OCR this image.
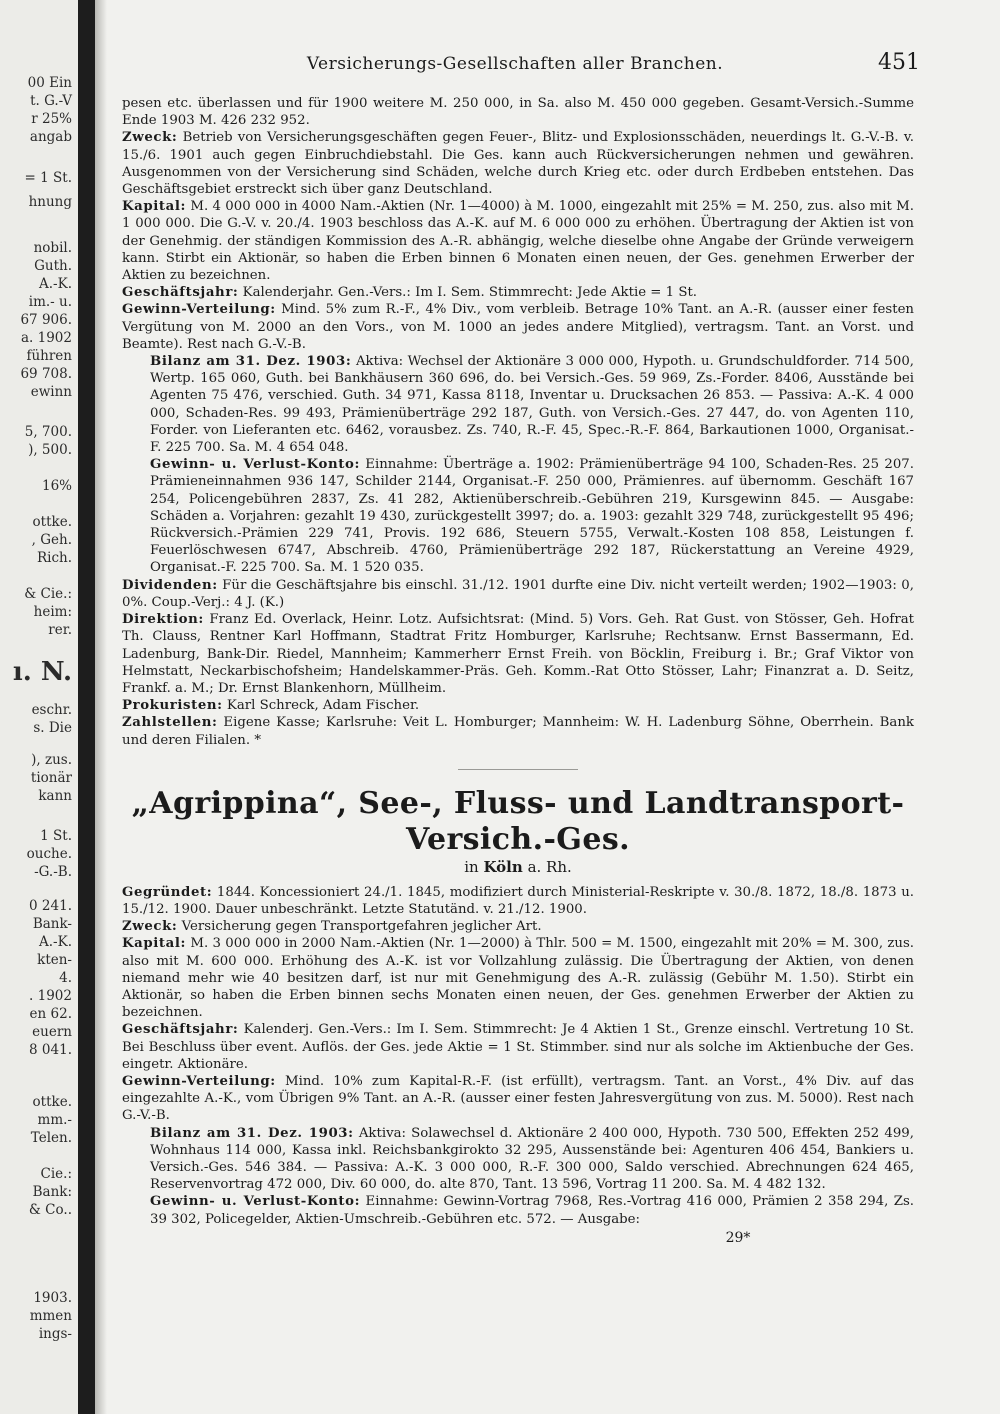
00 Ein
t. G.-V
r 25%
angab
= 1 St.
hnung
nobil.
Guth.
A.-K.
im.- u.
67 906.
a. 1902
führen
69 708.
ewinn
5, 700.
), 500.
16%
ottke.
, Geh.
Rich.
& Cie.:
heim:
rer.
ı. N.
eschr.
s. Die
), zus.
tionär
kann
1 St.
ouche.
-G.-B.
0 241.
Bank-
A.-K.
kten-
4.
. 1902
en 62.
euern
8 041.
ottke.
mm.-
Telen.
Cie.:
Bank:
& Co..
1903.
mmen
ings-
Versicherungs-Gesellschaften aller Branchen.	451

pesen etc. überlassen und für 1900 weitere M. 250 000, in Sa. also M. 450 000 gegeben. Gesamt-Versich.-Summe Ende 1903 M. 426 232 952.

Zweck: Betrieb von Versicherungsgeschäften gegen Feuer-, Blitz- und Explosionsschäden, neuerdings lt. G.-V.-B. v. 15./6. 1901 auch gegen Einbruchdiebstahl. Die Ges. kann auch Rückversicherungen nehmen und gewähren. Ausgenommen von der Versicherung sind Schäden, welche durch Krieg etc. oder durch Erdbeben entstehen. Das Geschäftsgebiet erstreckt sich über ganz Deutschland.

Kapital: M. 4 000 000 in 4000 Nam.-Aktien (Nr. 1—4000) à M. 1000, eingezahlt mit 25% = M. 250, zus. also mit M. 1 000 000. Die G.-V. v. 20./4. 1903 beschloss das A.-K. auf M. 6 000 000 zu erhöhen. Übertragung der Aktien ist von der Genehmig. der ständigen Kommission des A.-R. abhängig, welche dieselbe ohne Angabe der Gründe verweigern kann. Stirbt ein Aktionär, so haben die Erben binnen 6 Monaten einen neuen, der Ges. genehmen Erwerber der Aktien zu bezeichnen.

Geschäftsjahr: Kalenderjahr. Gen.-Vers.: Im I. Sem. Stimmrecht: Jede Aktie = 1 St.

Gewinn-Verteilung: Mind. 5% zum R.-F., 4% Div., vom verbleib. Betrage 10% Tant. an A.-R. (ausser einer festen Vergütung von M. 2000 an den Vors., von M. 1000 an jedes andere Mitglied), vertragsm. Tant. an Vorst. und Beamte). Rest nach G.-V.-B.

Bilanz am 31. Dez. 1903: Aktiva: Wechsel der Aktionäre 3 000 000, Hypoth. u. Grundschuldforder. 714 500, Wertp. 165 060, Guth. bei Bankhäusern 360 696, do. bei Versich.-Ges. 59 969, Zs.-Forder. 8406, Ausstände bei Agenten 75 476, verschied. Guth. 34 971, Kassa 8118, Inventar u. Drucksachen 26 853. — Passiva: A.-K. 4 000 000, Schaden-Res. 99 493, Prämienüberträge 292 187, Guth. von Versich.-Ges. 27 447, do. von Agenten 110, Forder. von Lieferanten etc. 6462, vorausbez. Zs. 740, R.-F. 45, Spec.-R.-F. 864, Barkautionen 1000, Organisat.-F. 225 700. Sa. M. 4 654 048.

Gewinn- u. Verlust-Konto: Einnahme: Überträge a. 1902: Prämienüberträge 94 100, Schaden-Res. 25 207. Prämieneinnahmen 936 147, Schilder 2144, Organisat.-F. 250 000, Prämienres. auf übernomm. Geschäft 167 254, Policengebühren 2837, Zs. 41 282, Aktienüberschreib.-Gebühren 219, Kursgewinn 845. — Ausgabe: Schäden a. Vorjahren: gezahlt 19 430, zurückgestellt 3997; do. a. 1903: gezahlt 329 748, zurückgestellt 95 496; Rückversich.-Prämien 229 741, Provis. 192 686, Steuern 5755, Verwalt.-Kosten 108 858, Leistungen f. Feuerlöschwesen 6747, Abschreib. 4760, Prämienüberträge 292 187, Rückerstattung an Vereine 4929, Organisat.-F. 225 700. Sa. M. 1 520 035.

Dividenden: Für die Geschäftsjahre bis einschl. 31./12. 1901 durfte eine Div. nicht verteilt werden; 1902—1903: 0, 0%. Coup.-Verj.: 4 J. (K.)

Direktion: Franz Ed. Overlack, Heinr. Lotz. Aufsichtsrat: (Mind. 5) Vors. Geh. Rat Gust. von Stösser, Geh. Hofrat Th. Clauss, Rentner Karl Hoffmann, Stadtrat Fritz Homburger, Karlsruhe; Rechtsanw. Ernst Bassermann, Ed. Ladenburg, Bank-Dir. Riedel, Mannheim; Kammerherr Ernst Freih. von Böcklin, Freiburg i. Br.; Graf Viktor von Helmstatt, Neckarbischofsheim; Handelskammer-Präs. Geh. Komm.-Rat Otto Stösser, Lahr; Finanzrat a. D. Seitz, Frankf. a. M.; Dr. Ernst Blankenhorn, Müllheim.

Prokuristen: Karl Schreck, Adam Fischer.

Zahlstellen: Eigene Kasse; Karlsruhe: Veit L. Homburger; Mannheim: W. H. Ladenburg Söhne, Oberrhein. Bank und deren Filialen. *

„Agrippina“, See-, Fluss- und Landtransport-Versich.-Ges.

in Köln a. Rh.

Gegründet: 1844. Koncessioniert 24./1. 1845, modifiziert durch Ministerial-Reskripte v. 30./8. 1872, 18./8. 1873 u. 15./12. 1900. Dauer unbeschränkt. Letzte Statutänd. v. 21./12. 1900.

Zweck: Versicherung gegen Transportgefahren jeglicher Art.

Kapital: M. 3 000 000 in 2000 Nam.-Aktien (Nr. 1—2000) à Thlr. 500 = M. 1500, eingezahlt mit 20% = M. 300, zus. also mit M. 600 000. Erhöhung des A.-K. ist vor Vollzahlung zulässig. Die Übertragung der Aktien, von denen niemand mehr wie 40 besitzen darf, ist nur mit Genehmigung des A.-R. zulässig (Gebühr M. 1.50). Stirbt ein Aktionär, so haben die Erben binnen sechs Monaten einen neuen, der Ges. genehmen Erwerber der Aktien zu bezeichnen.

Geschäftsjahr: Kalenderj. Gen.-Vers.: Im I. Sem. Stimmrecht: Je 4 Aktien 1 St., Grenze einschl. Vertretung 10 St. Bei Beschluss über event. Auflös. der Ges. jede Aktie = 1 St. Stimmber. sind nur als solche im Aktienbuche der Ges. eingetr. Aktionäre.

Gewinn-Verteilung: Mind. 10% zum Kapital-R.-F. (ist erfüllt), vertragsm. Tant. an Vorst., 4% Div. auf das eingezahlte A.-K., vom Übrigen 9% Tant. an A.-R. (ausser einer festen Jahresvergütung von zus. M. 5000). Rest nach G.-V.-B.

Bilanz am 31. Dez. 1903: Aktiva: Solawechsel d. Aktionäre 2 400 000, Hypoth. 730 500, Effekten 252 499, Wohnhaus 114 000, Kassa inkl. Reichsbankgirokto 32 295, Aussenstände bei: Agenturen 406 454, Bankiers u. Versich.-Ges. 546 384. — Passiva: A.-K. 3 000 000, R.-F. 300 000, Saldo verschied. Abrechnungen 624 465, Reservenvortrag 472 000, Div. 60 000, do. alte 870, Tant. 13 596, Vortrag 11 200. Sa. M. 4 482 132.

Gewinn- u. Verlust-Konto: Einnahme: Gewinn-Vortrag 7968, Res.-Vortrag 416 000, Prämien 2 358 294, Zs. 39 302, Policegelder, Aktien-Umschreib.-Gebühren etc. 572. — Ausgabe:

29*
